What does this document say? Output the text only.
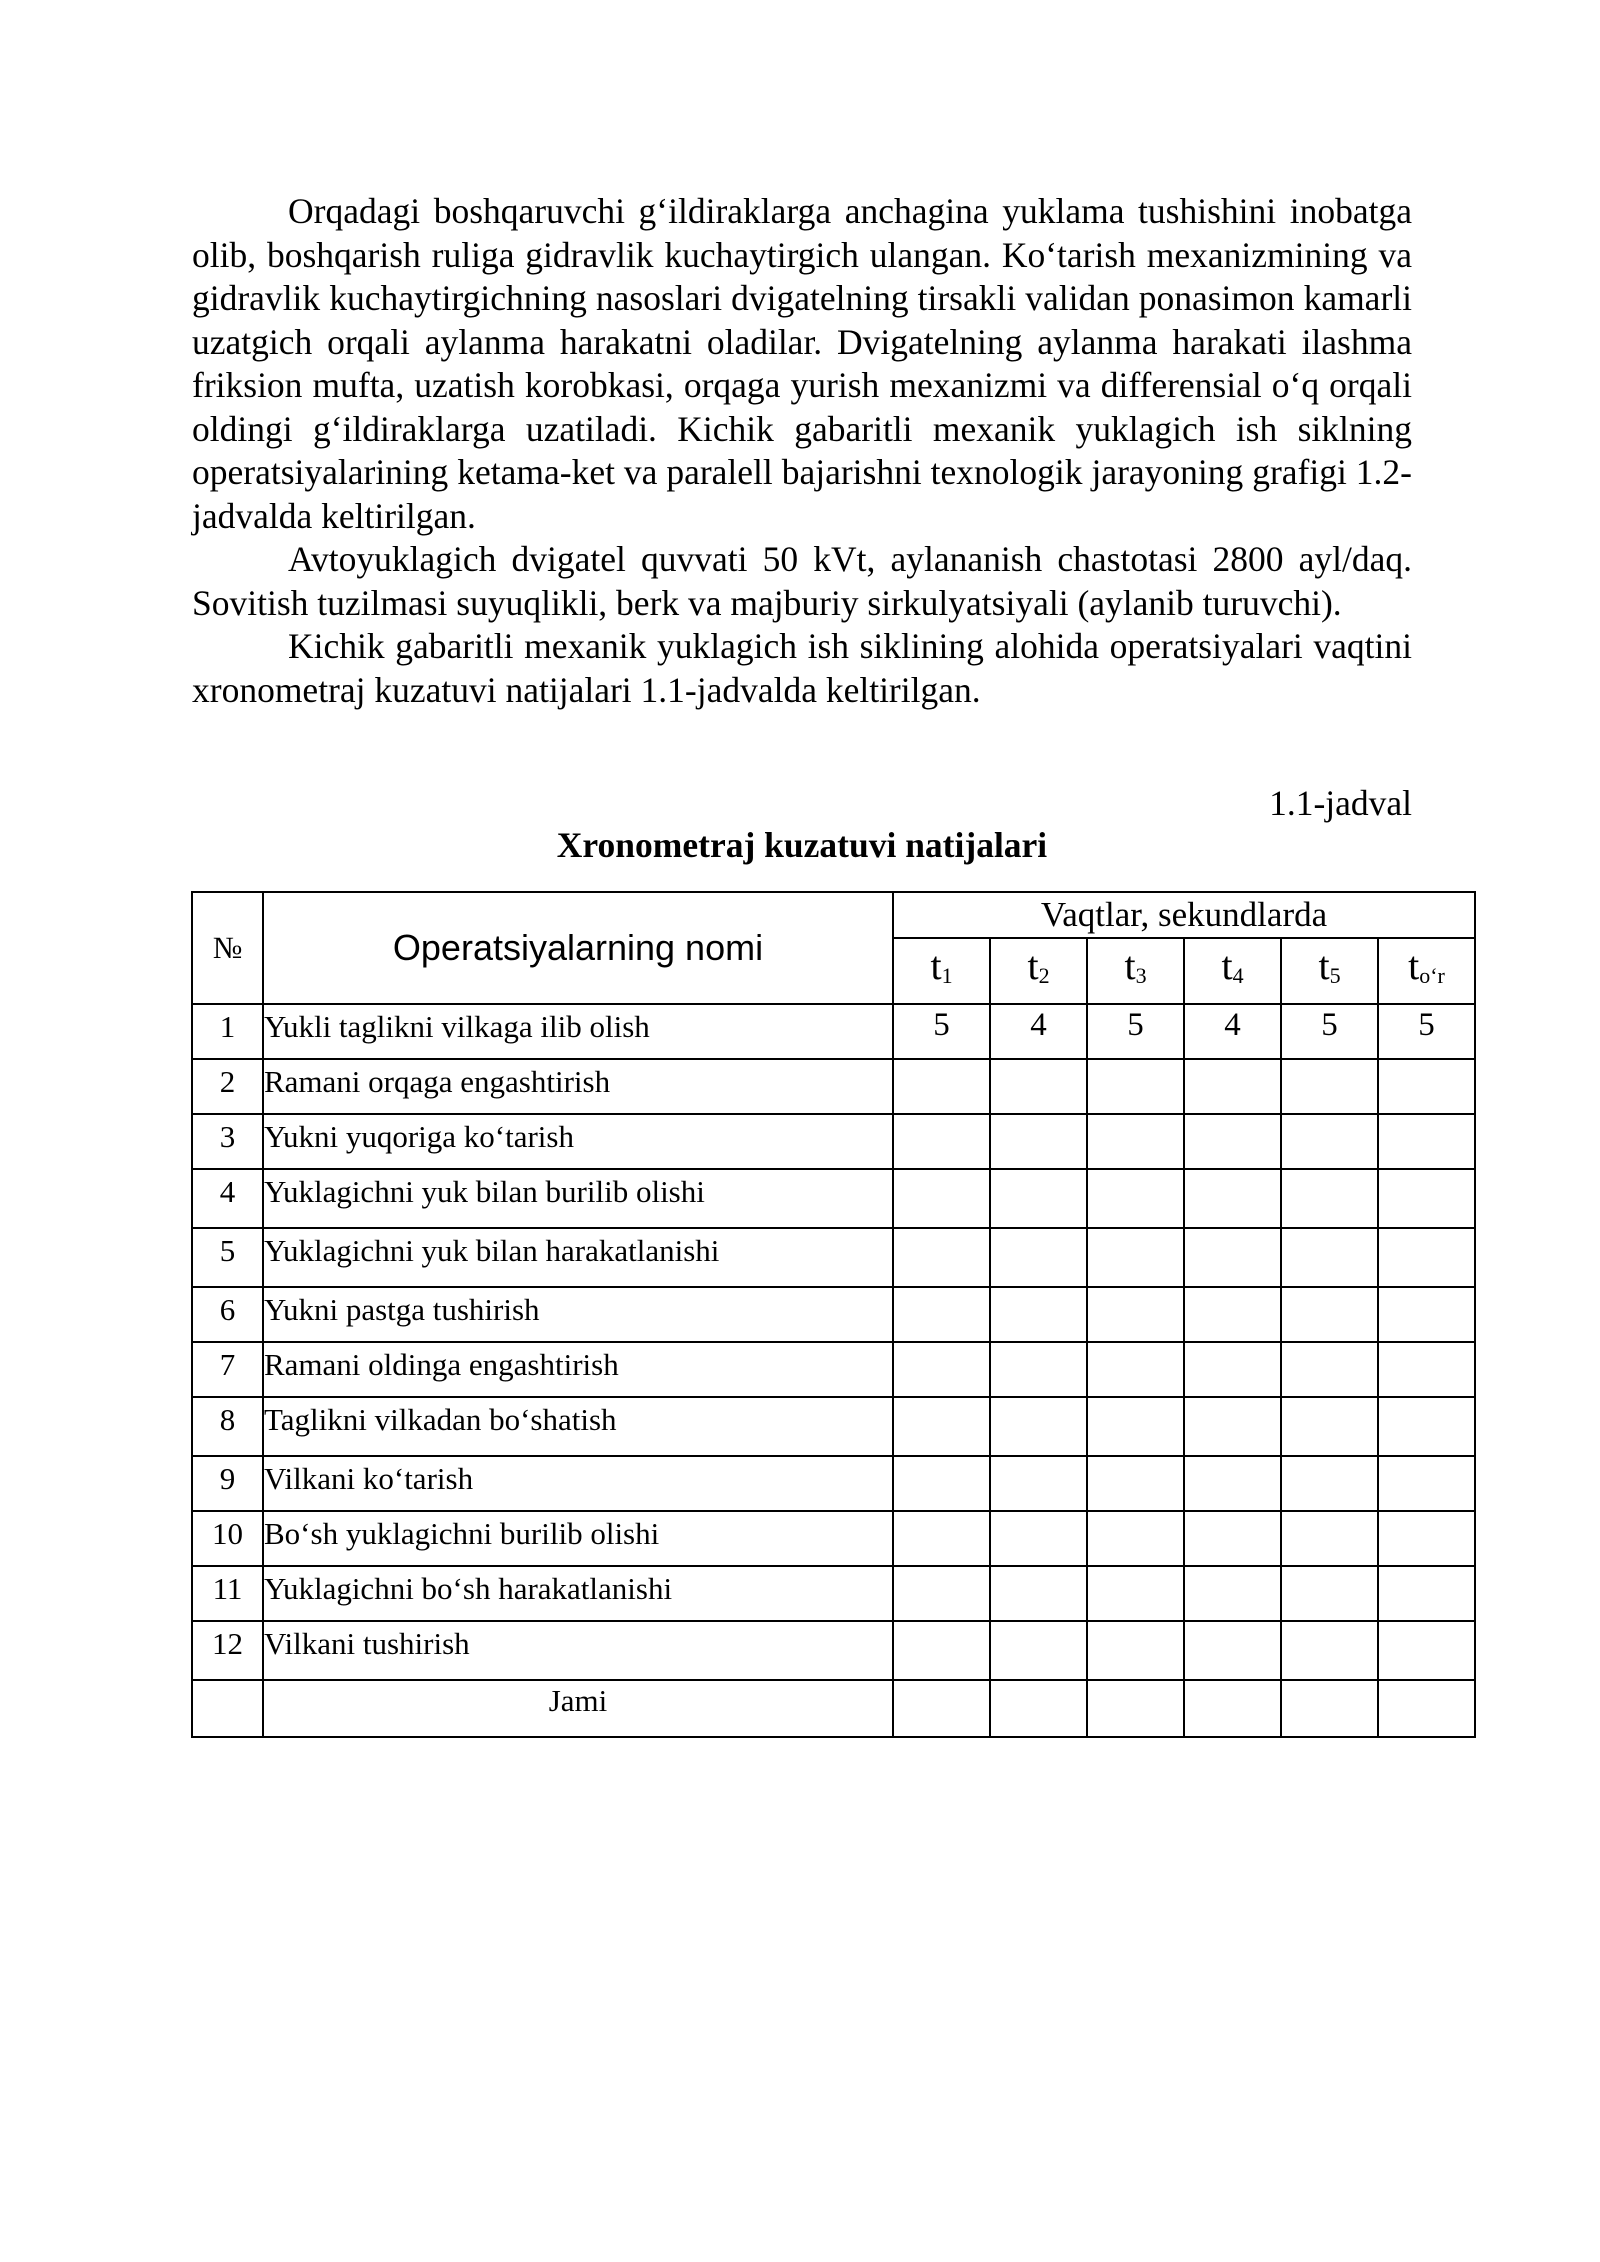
Orqadagi boshqaruvchi g‘ildiraklarga anchagina yuklama tushishini inobatga olib, boshqarish ruliga gidravlik kuchaytirgich ulangan. Ko‘tarish mexanizmining va gidravlik kuchaytirgichning nasoslari dvigatelning tirsakli validan ponasimon kamarli uzatgich orqali aylanma harakatni oladilar. Dvigatelning aylanma harakati ilashma friksion mufta, uzatish korobkasi, orqaga yurish mexanizmi va differensial o‘q orqali oldingi g‘ildiraklarga uzatiladi. Kichik gabaritli mexanik yuklagich ish siklning operatsiyalarining ketama-ket va paralell bajarishni texnologik jarayoning grafigi 1.2-jadvalda keltirilgan.

Avtoyuklagich dvigatel quvvati 50 kVt, aylananish chastotasi 2800 ayl/daq. Sovitish tuzilmasi suyuqlikli, berk va majburiy sirkulyatsiyali (aylanib turuvchi).

Kichik gabaritli mexanik yuklagich ish siklining alohida operatsiyalari vaqtini xronometraj kuzatuvi natijalari 1.1-jadvalda keltirilgan.

1.1-jadval
Xronometraj kuzatuvi natijalari
№	Operatsiyalarning nomi	Vaqtlar, sekundlarda					
		$t_1$	$t_2$	$t_3$	$t_4$	$t_5$	$t_{o‘r}$
1	Yukli taglikni vilkaga ilib olish	5	4	5	4	5	5
2	Ramani orqaga engashtirish						
3	Yukni yuqoriga ko‘tarish						
4	Yuklagichni yuk bilan burilib olishi						
5	Yuklagichni yuk bilan harakatlanishi						
6	Yukni pastga tushirish						
7	Ramani oldinga engashtirish						
8	Taglikni vilkadan bo‘shatish						
9	Vilkani ko‘tarish						
10	Bo‘sh yuklagichni burilib olishi						
11	Yuklagichni bo‘sh harakatlanishi						
12	Vilkani tushirish						
	Jami						
